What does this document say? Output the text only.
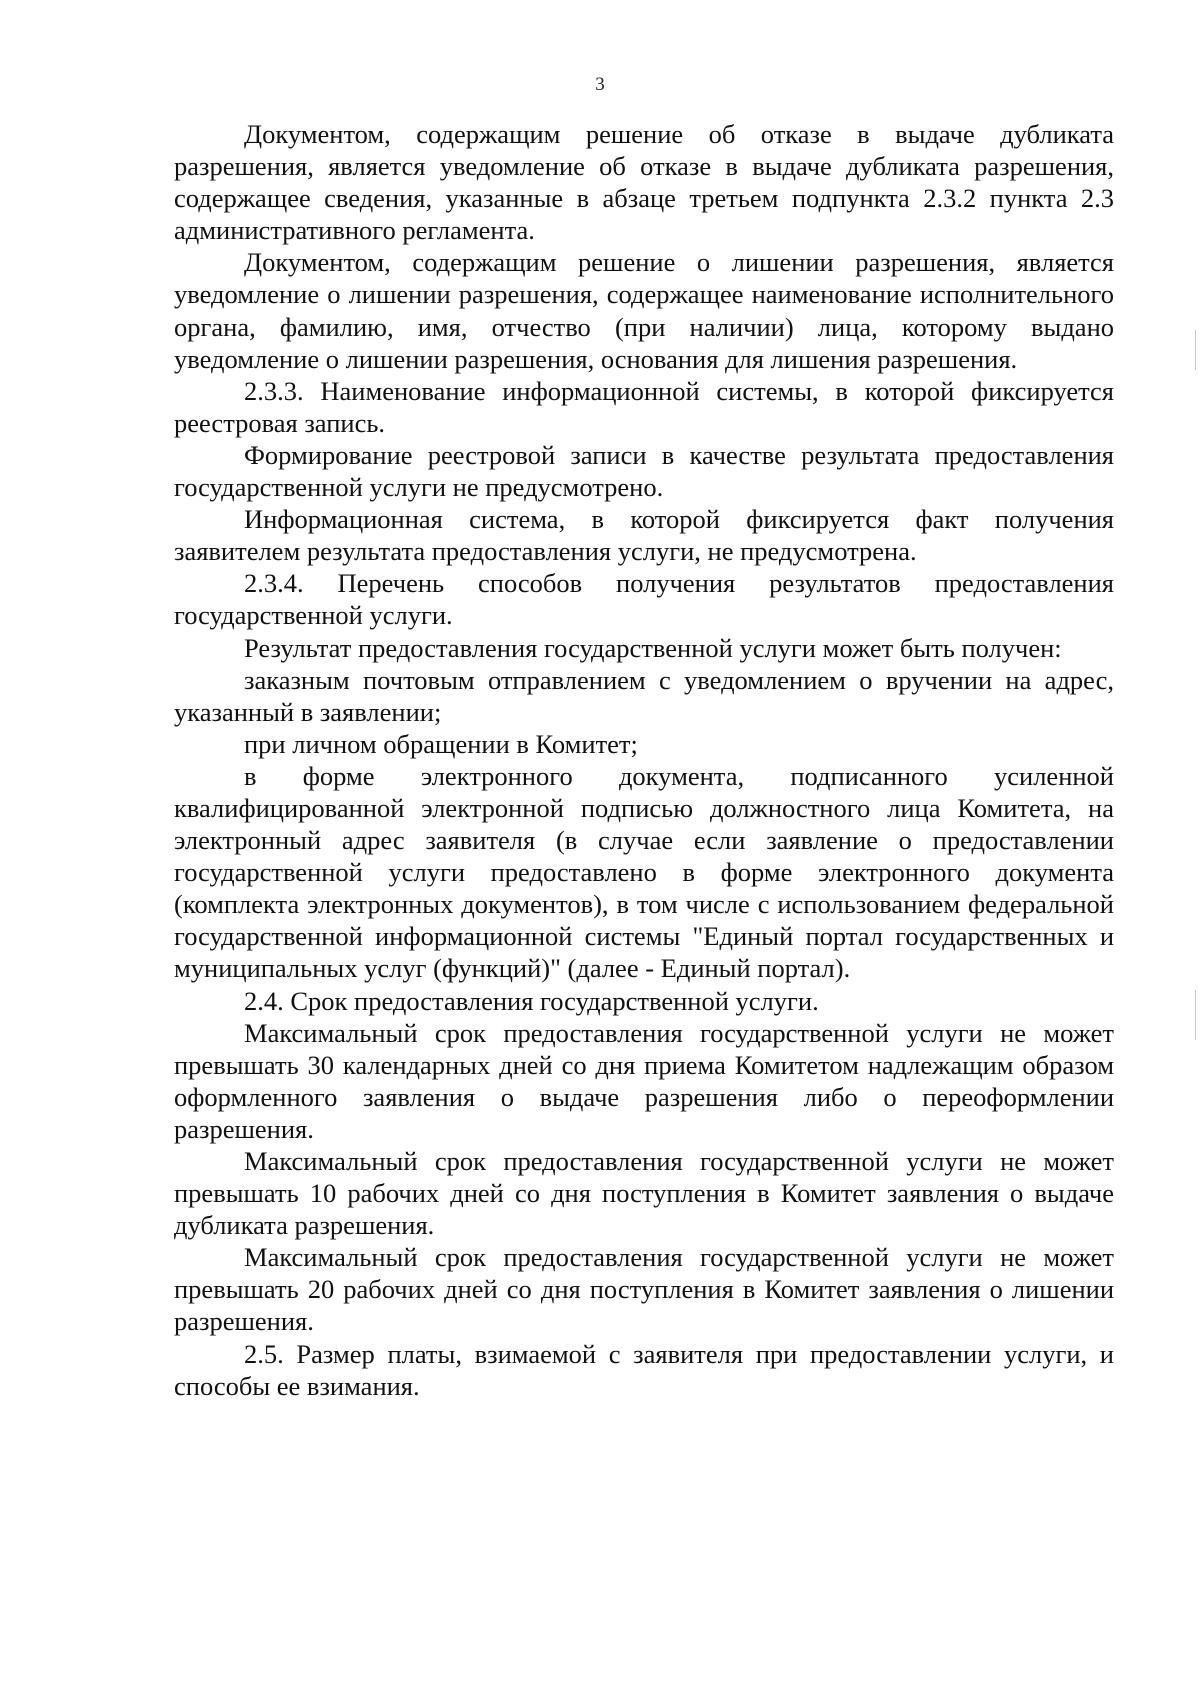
3

Документом, содержащим решение об отказе в выдаче дубликата разрешения, является уведомление об отказе в выдаче дубликата разрешения, содержащее сведения, указанные в абзаце третьем подпункта 2.3.2 пункта 2.3 административного регламента.

Документом, содержащим решение о лишении разрешения, является уведомление о лишении разрешения, содержащее наименование исполнительного органа, фамилию, имя, отчество (при наличии) лица, которому выдано уведомление о лишении разрешения, основания для лишения разрешения.

2.3.3. Наименование информационной системы, в которой фиксируется реестровая запись.

Формирование реестровой записи в качестве результата предоставления государственной услуги не предусмотрено.

Информационная система, в которой фиксируется факт получения заявителем результата предоставления услуги, не предусмотрена.

2.3.4. Перечень способов получения результатов предоставления государственной услуги.

Результат предоставления государственной услуги может быть получен:

заказным почтовым отправлением с уведомлением о вручении на адрес, указанный в заявлении;

при личном обращении в Комитет;

в форме электронного документа, подписанного усиленной квалифицированной электронной подписью должностного лица Комитета, на электронный адрес заявителя (в случае если заявление о предоставлении государственной услуги предоставлено в форме электронного документа (комплекта электронных документов), в том числе с использованием федеральной государственной информационной системы "Единый портал государственных и муниципальных услуг (функций)" (далее - Единый портал).

2.4. Срок предоставления государственной услуги.

Максимальный срок предоставления государственной услуги не может превышать 30 календарных дней со дня приема Комитетом надлежащим образом оформленного заявления о выдаче разрешения либо о переоформлении разрешения.

Максимальный срок предоставления государственной услуги не может превышать 10 рабочих дней со дня поступления в Комитет заявления о выдаче дубликата разрешения.

Максимальный срок предоставления государственной услуги не может превышать 20 рабочих дней со дня поступления в Комитет заявления о лишении разрешения.

2.5. Размер платы, взимаемой с заявителя при предоставлении услуги, и способы ее взимания.
